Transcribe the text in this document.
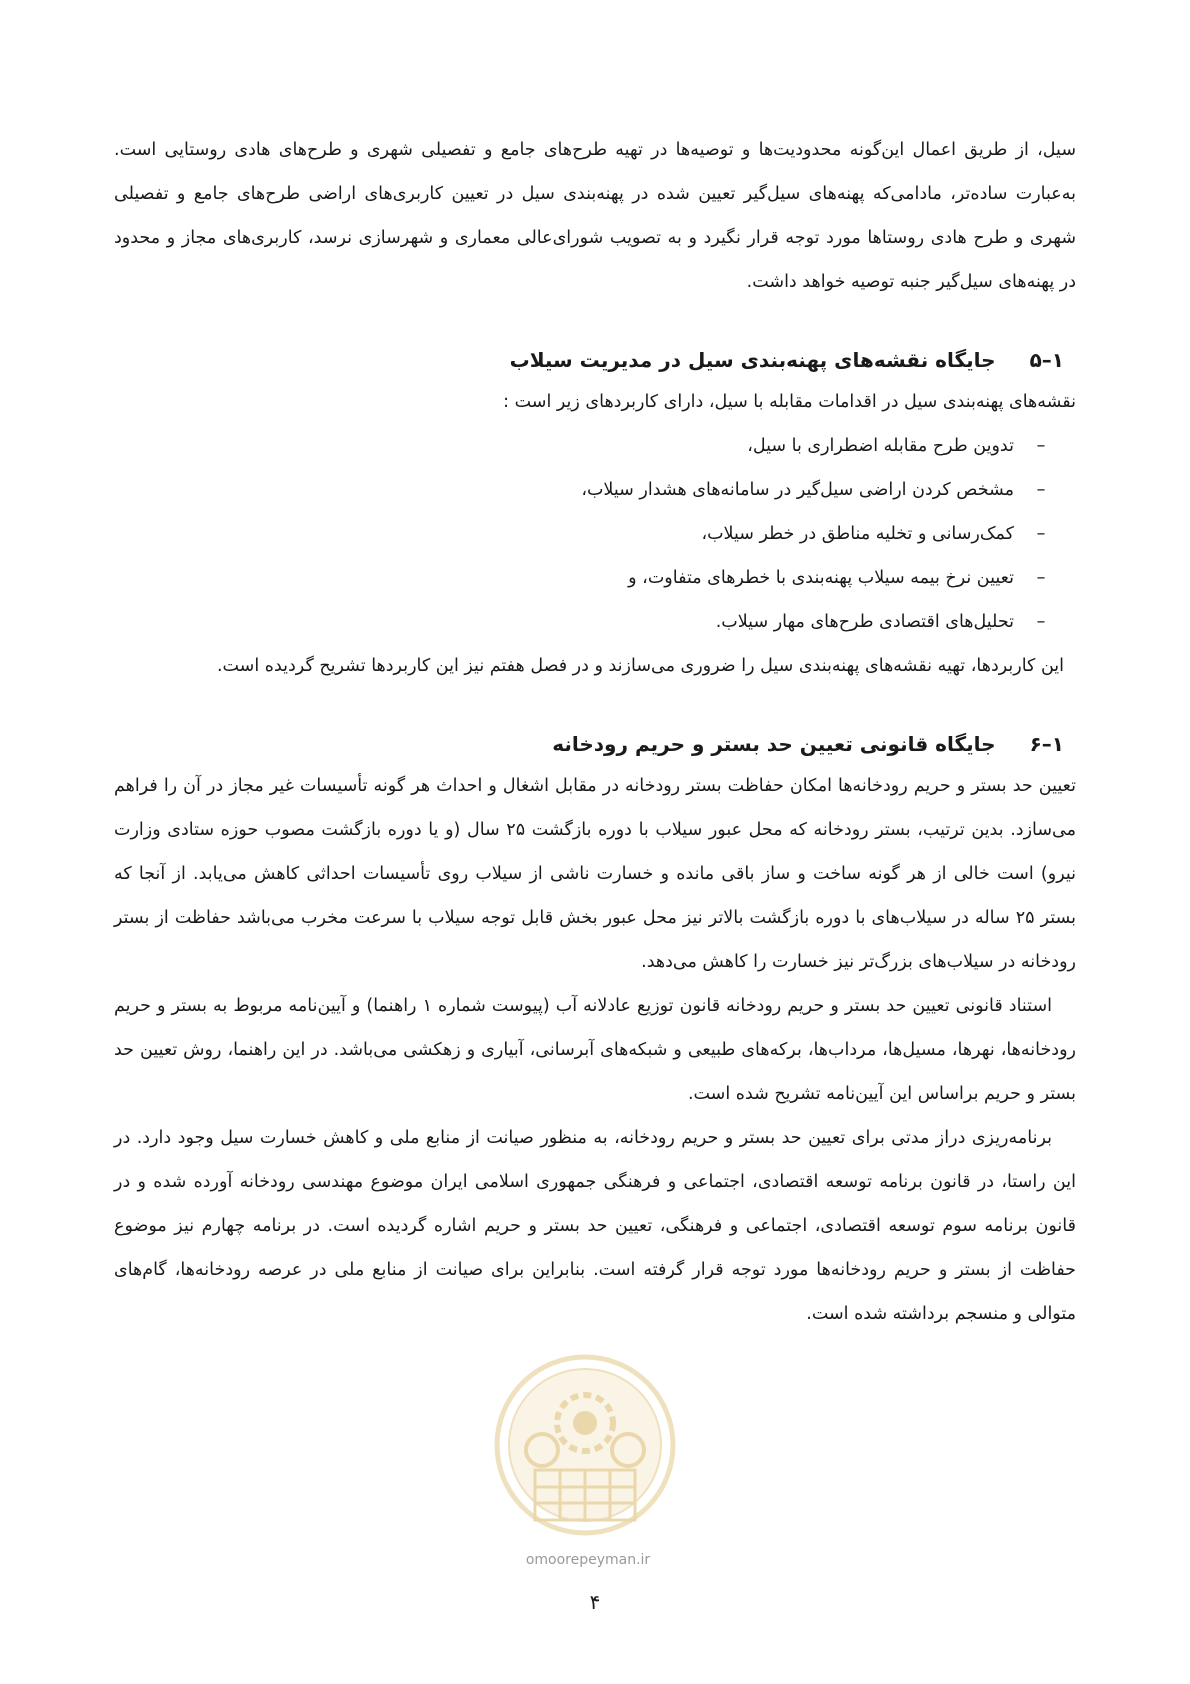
سیل، از طریق اعمال این‌گونه محدودیت‌ها و توصیه‌ها در تهیه طرح‌های جامع و تفصیلی شهری و طرح‌های هادی روستایی است. به‌عبارت ساده‌تر، مادامی‌که پهنه‌های سیل‌گیر تعیین شده در پهنه‌بندی سیل در تعیین کاربری‌های اراضی طرح‌های جامع و تفصیلی شهری و طرح هادی روستاها مورد توجه قرار نگیرد و به تصویب شورای‌عالی معماری و شهرسازی نرسد، کاربری‌های مجاز و محدود در پهنه‌های سیل‌گیر جنبه توصیه خواهد داشت.

۱–۵
جایگاه نقشه‌های پهنه‌بندی سیل در مدیریت سیلاب

نقشه‌های پهنه‌بندی سیل در اقدامات مقابله با سیل، دارای کاربردهای زیر است :

–
تدوین طرح مقابله اضطراری با سیل،
–
مشخص کردن اراضی سیل‌گیر در سامانه‌های هشدار سیلاب،
–
کمک‌رسانی و تخلیه مناطق در خطر سیلاب،
–
تعیین نرخ بیمه سیلاب پهنه‌بندی با خطرهای متفاوت، و
–
تحلیل‌های اقتصادی طرح‌های مهار سیلاب.

این کاربردها، تهیه نقشه‌های پهنه‌بندی سیل را ضروری می‌سازند و در فصل هفتم نیز این کاربردها تشریح گردیده است.

۱–۶
جایگاه قانونی تعیین حد بستر و حریم رودخانه

تعیین حد بستر و حریم رودخانه‌ها امکان حفاظت بستر رودخانه در مقابل اشغال و احداث هر گونه تأسیسات غیر مجاز در آن را فراهم می‌سازد. بدین ترتیب، بستر رودخانه که محل عبور سیلاب با دوره بازگشت ۲۵ سال (و یا دوره بازگشت مصوب حوزه ستادی وزارت نیرو) است خالی از هر گونه ساخت و ساز باقی مانده و خسارت ناشی از سیلاب روی تأسیسات احداثی کاهش می‌یابد. از آنجا که بستر ۲۵ ساله در سیلاب‌های با دوره بازگشت بالاتر نیز محل عبور بخش قابل توجه سیلاب با سرعت مخرب می‌باشد حفاظت از بستر رودخانه در سیلاب‌های بزرگ‌تر نیز خسارت را کاهش می‌دهد.

استناد قانونی تعیین حد بستر و حریم رودخانه قانون توزیع عادلانه آب (پیوست شماره ۱ راهنما) و آیین‌نامه مربوط به بستر و حریم رودخانه‌ها، نهرها، مسیل‌ها، مرداب‌ها، برکه‌های طبیعی و شبکه‌های آبرسانی، آبیاری و زهکشی می‌باشد. در این راهنما، روش تعیین حد بستر و حریم براساس این آیین‌نامه تشریح شده است.

برنامه‌ریزی دراز مدتی برای تعیین حد بستر و حریم رودخانه، به منظور صیانت از منابع ملی و کاهش خسارت سیل وجود دارد. در این راستا، در قانون برنامه توسعه اقتصادی، اجتماعی و فرهنگی جمهوری اسلامی ایران موضوع مهندسی رودخانه آورده شده و در قانون برنامه سوم توسعه اقتصادی، اجتماعی و فرهنگی، تعیین حد بستر و حریم اشاره گردیده است. در برنامه چهارم نیز موضوع حفاظت از بستر و حریم رودخانه‌ها مورد توجه قرار گرفته است. بنابراین برای صیانت از منابع ملی در عرصه رودخانه‌ها، گام‌های متوالی و منسجم برداشته شده است.

omoorepeyman.ir
۴
